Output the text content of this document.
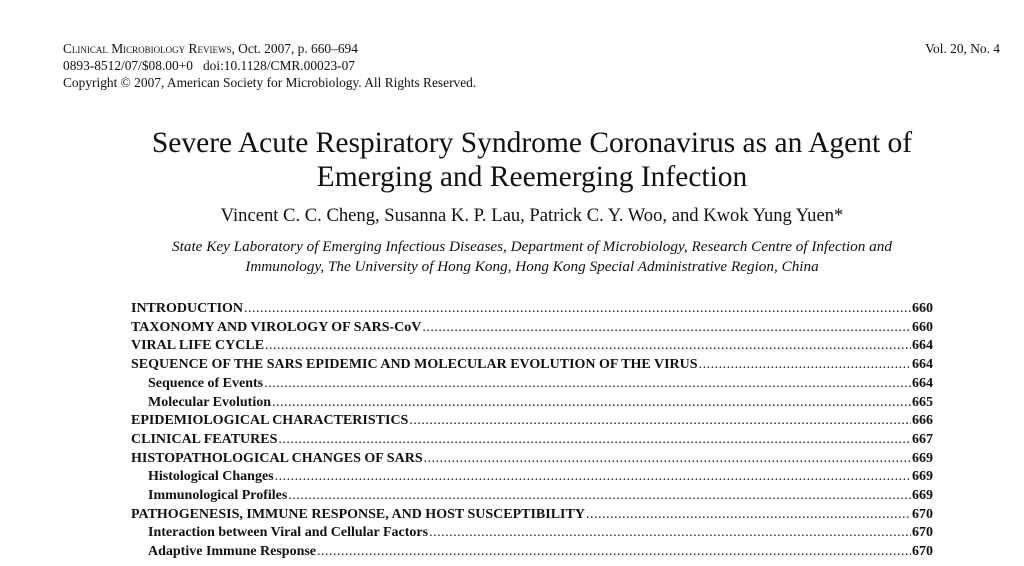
Clinical Microbiology Reviews, Oct. 2007, p. 660–694
0893-8512/07/$08.00+0   doi:10.1128/CMR.00023-07
Copyright © 2007, American Society for Microbiology. All Rights Reserved.
Vol. 20, No. 4
Severe Acute Respiratory Syndrome Coronavirus as an Agent of
Emerging and Reemerging Infection
Vincent C. C. Cheng, Susanna K. P. Lau, Patrick C. Y. Woo, and Kwok Yung Yuen*
State Key Laboratory of Emerging Infectious Diseases, Department of Microbiology, Research Centre of Infection and
Immunology, The University of Hong Kong, Hong Kong Special Administrative Region, China
INTRODUCTION .....	660
TAXONOMY AND VIROLOGY OF SARS-CoV .....	660
VIRAL LIFE CYCLE .....	664
SEQUENCE OF THE SARS EPIDEMIC AND MOLECULAR EVOLUTION OF THE VIRUS .....	664
Sequence of Events .....	664
Molecular Evolution .....	665
EPIDEMIOLOGICAL CHARACTERISTICS .....	666
CLINICAL FEATURES .....	667
HISTOPATHOLOGICAL CHANGES OF SARS .....	669
Histological Changes .....	669
Immunological Profiles .....	669
PATHOGENESIS, IMMUNE RESPONSE, AND HOST SUSCEPTIBILITY .....	670
Interaction between Viral and Cellular Factors .....	670
Adaptive Immune Response .....	670
